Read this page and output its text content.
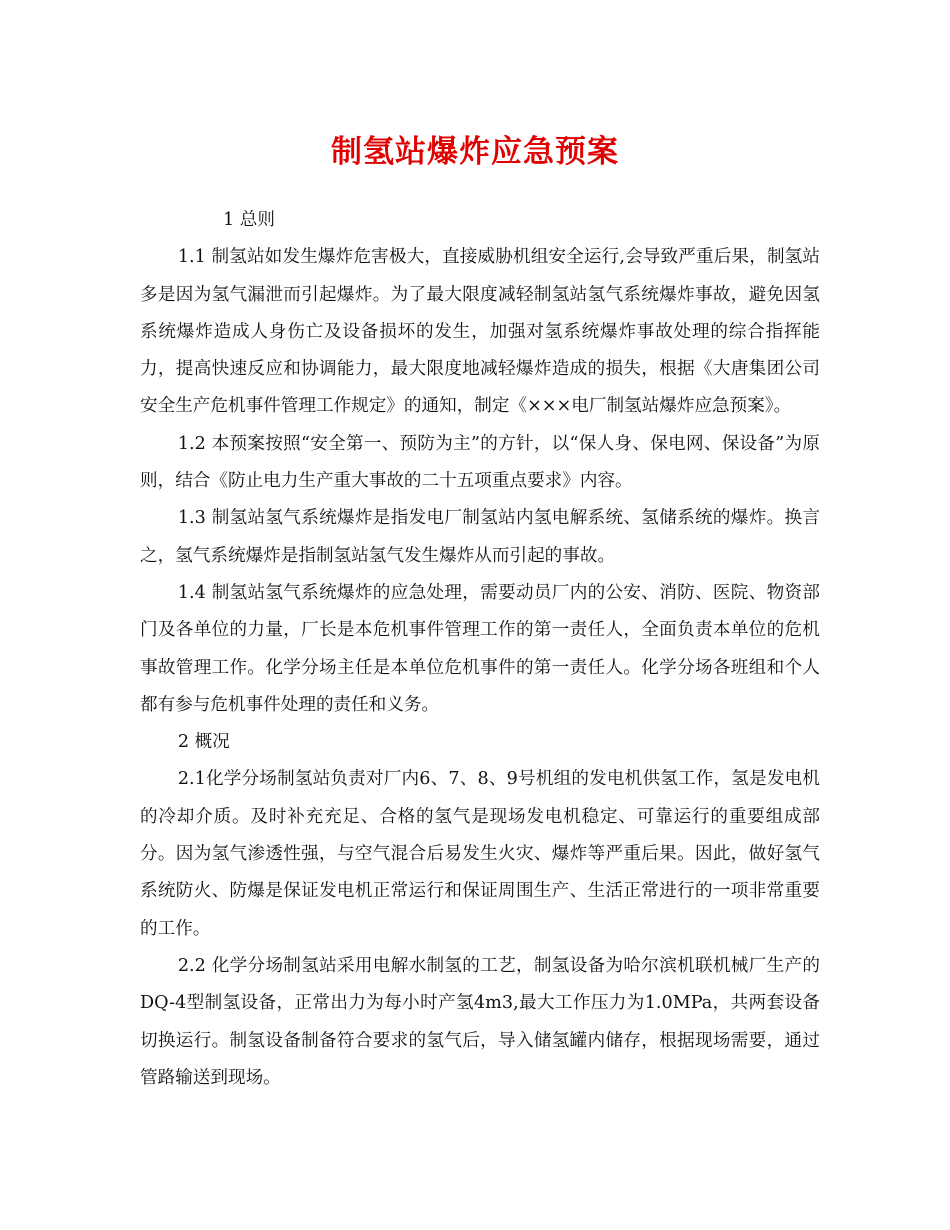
制氢站爆炸应急预案

1 总则

1.1 制氢站如发生爆炸危害极大，直接威胁机组安全运行,会导致严重后果，制氢站多是因为氢气漏泄而引起爆炸。为了最大限度减轻制氢站氢气系统爆炸事故，避免因氢系统爆炸造成人身伤亡及设备损坏的发生，加强对氢系统爆炸事故处理的综合指挥能力，提高快速反应和协调能力，最大限度地减轻爆炸造成的损失，根据《大唐集团公司安全生产危机事件管理工作规定》的通知，制定《×××电厂制氢站爆炸应急预案》。

1.2 本预案按照“安全第一、预防为主”的方针，以“保人身、保电网、保设备”为原则，结合《防止电力生产重大事故的二十五项重点要求》内容。

1.3 制氢站氢气系统爆炸是指发电厂制氢站内氢电解系统、氢储系统的爆炸。换言之，氢气系统爆炸是指制氢站氢气发生爆炸从而引起的事故。

1.4 制氢站氢气系统爆炸的应急处理，需要动员厂内的公安、消防、医院、物资部门及各单位的力量，厂长是本危机事件管理工作的第一责任人，全面负责本单位的危机事故管理工作。化学分场主任是本单位危机事件的第一责任人。化学分场各班组和个人都有参与危机事件处理的责任和义务。

2 概况

2.1化学分场制氢站负责对厂内6、7、8、9号机组的发电机供氢工作，氢是发电机的冷却介质。及时补充充足、合格的氢气是现场发电机稳定、可靠运行的重要组成部分。因为氢气渗透性强，与空气混合后易发生火灾、爆炸等严重后果。因此，做好氢气系统防火、防爆是保证发电机正常运行和保证周围生产、生活正常进行的一项非常重要的工作。

2.2 化学分场制氢站采用电解水制氢的工艺，制氢设备为哈尔滨机联机械厂生产的DQ-4型制氢设备，正常出力为每小时产氢4m3,最大工作压力为1.0MPa，共两套设备切换运行。制氢设备制备符合要求的氢气后，导入储氢罐内储存，根据现场需要，通过管路输送到现场。
